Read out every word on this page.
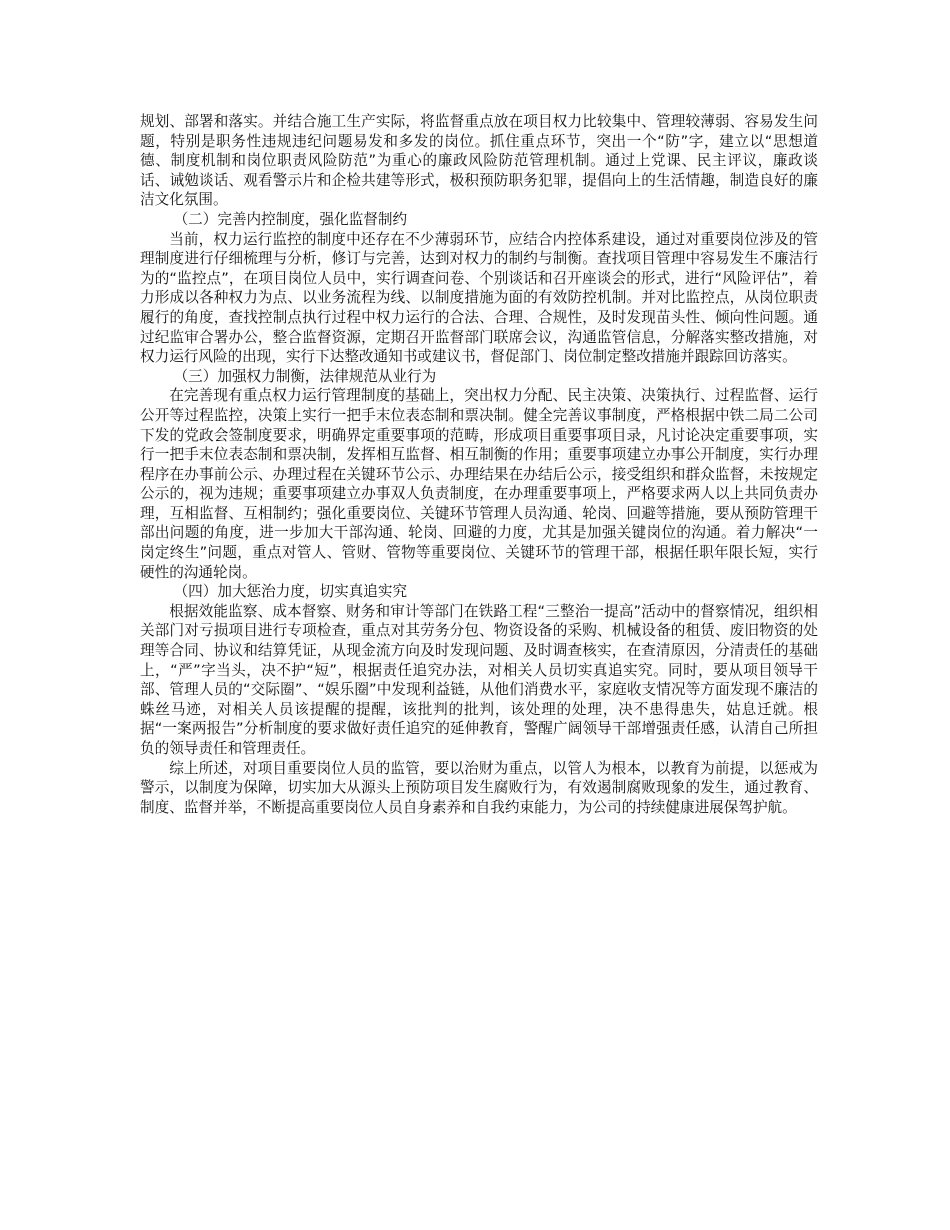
规划、部署和落实。并结合施工生产实际，将监督重点放在项目权力比较集中、管理较薄弱、容易发生问题，特别是职务性违规违纪问题易发和多发的岗位。抓住重点环节，突出一个“防”字，建立以“思想道德、制度机制和岗位职责风险防范”为重心的廉政风险防范管理机制。通过上党课、民主评议，廉政谈话、诫勉谈话、观看警示片和企检共建等形式，极积预防职务犯罪，提倡向上的生活情趣，制造良好的廉洁文化氛围。

（二）完善内控制度，强化监督制约

当前，权力运行监控的制度中还存在不少薄弱环节，应结合内控体系建设，通过对重要岗位涉及的管理制度进行仔细梳理与分析，修订与完善，达到对权力的制约与制衡。查找项目管理中容易发生不廉洁行为的“监控点”，在项目岗位人员中，实行调查问卷、个别谈话和召开座谈会的形式，进行“风险评估”，着力形成以各种权力为点、以业务流程为线、以制度措施为面的有效防控机制。并对比监控点，从岗位职责履行的角度，查找控制点执行过程中权力运行的合法、合理、合规性，及时发现苗头性、倾向性问题。通过纪监审合署办公，整合监督资源，定期召开监督部门联席会议，沟通监管信息，分解落实整改措施，对权力运行风险的出现，实行下达整改通知书或建议书，督促部门、岗位制定整改措施并跟踪回访落实。

（三）加强权力制衡，法律规范从业行为

在完善现有重点权力运行管理制度的基础上，突出权力分配、民主决策、决策执行、过程监督、运行公开等过程监控，决策上实行一把手末位表态制和票决制。健全完善议事制度，严格根据中铁二局二公司下发的党政会签制度要求，明确界定重要事项的范畴，形成项目重要事项目录，凡讨论决定重要事项，实行一把手末位表态制和票决制，发挥相互监督、相互制衡的作用；重要事项建立办事公开制度，实行办理程序在办事前公示、办理过程在关键环节公示、办理结果在办结后公示，接受组织和群众监督，未按规定公示的，视为违规；重要事项建立办事双人负责制度，在办理重要事项上，严格要求两人以上共同负责办理，互相监督、互相制约；强化重要岗位、关键环节管理人员沟通、轮岗、回避等措施，要从预防管理干部出问题的角度，进一步加大干部沟通、轮岗、回避的力度，尤其是加强关键岗位的沟通。着力解决“一岗定终生”问题，重点对管人、管财、管物等重要岗位、关键环节的管理干部，根据任职年限长短，实行硬性的沟通轮岗。

（四）加大惩治力度，切实真追实究

根据效能监察、成本督察、财务和审计等部门在铁路工程“三整治一提高”活动中的督察情况，组织相关部门对亏损项目进行专项检查，重点对其劳务分包、物资设备的采购、机械设备的租赁、废旧物资的处理等合同、协议和结算凭证，从现金流方向及时发现问题、及时调查核实，在查清原因，分清责任的基础上，“严”字当头，决不护“短”，根据责任追究办法，对相关人员切实真追实究。同时，要从项目领导干部、管理人员的“交际圈”、“娱乐圈”中发现利益链，从他们消费水平，家庭收支情况等方面发现不廉洁的蛛丝马迹，对相关人员该提醒的提醒，该批判的批判，该处理的处理，决不患得患失，姑息迁就。根据“一案两报告”分析制度的要求做好责任追究的延伸教育，警醒广阔领导干部增强责任感，认清自己所担负的领导责任和管理责任。

综上所述，对项目重要岗位人员的监管，要以治财为重点，以管人为根本，以教育为前提，以惩戒为警示，以制度为保障，切实加大从源头上预防项目发生腐败行为，有效遏制腐败现象的发生，通过教育、制度、监督并举，不断提高重要岗位人员自身素养和自我约束能力，为公司的持续健康进展保驾护航。
